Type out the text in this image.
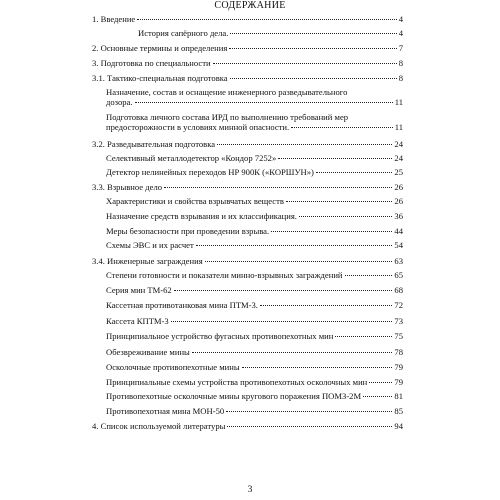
СОДЕРЖАНИЕ
1. Введение	4
История сапёрного дела.	4
2. Основные термины и определения	7
3. Подготовка по специальности	8
3.1. Тактико-специальная подготовка	8
Назначение, состав и оснащение инженерного разведывательного
дозора.	11
Подготовка личного состава ИРД по выполнению требований мер
предосторожности в условиях минной опасности.	11
3.2. Разведывательная подготовка	24
Селективный металлодетектор «Кондор 7252»	24
Детектор нелинейных переходов НР 900К («КОРШУН»)	25
3.3. Взрывное дело	26
Характеристики и свойства взрывчатых веществ	26
Назначение средств взрывания и их классификация.	36
Меры безопасности при проведении взрыва.	44
Схемы ЭВС и их расчет	54
3.4. Инженерные заграждения	63
Степени готовности и показатели минно-взрывных заграждений	65
Серия мин ТМ-62	68
Кассетная противотанковая мина ПТМ-3.	72
Кассета КПТМ-3	73
Принципиальное устройство фугасных противопехотных мин	75
Обезвреживание мины	78
Осколочные противопехотные мины	79
Принципиальные схемы устройства противопехотных осколочных мин	79
Противопехотные осколочные мины кругового поражения ПОМЗ-2М	81
Противопехотная мина МОН-50	85
4. Список используемой литературы	94
3
